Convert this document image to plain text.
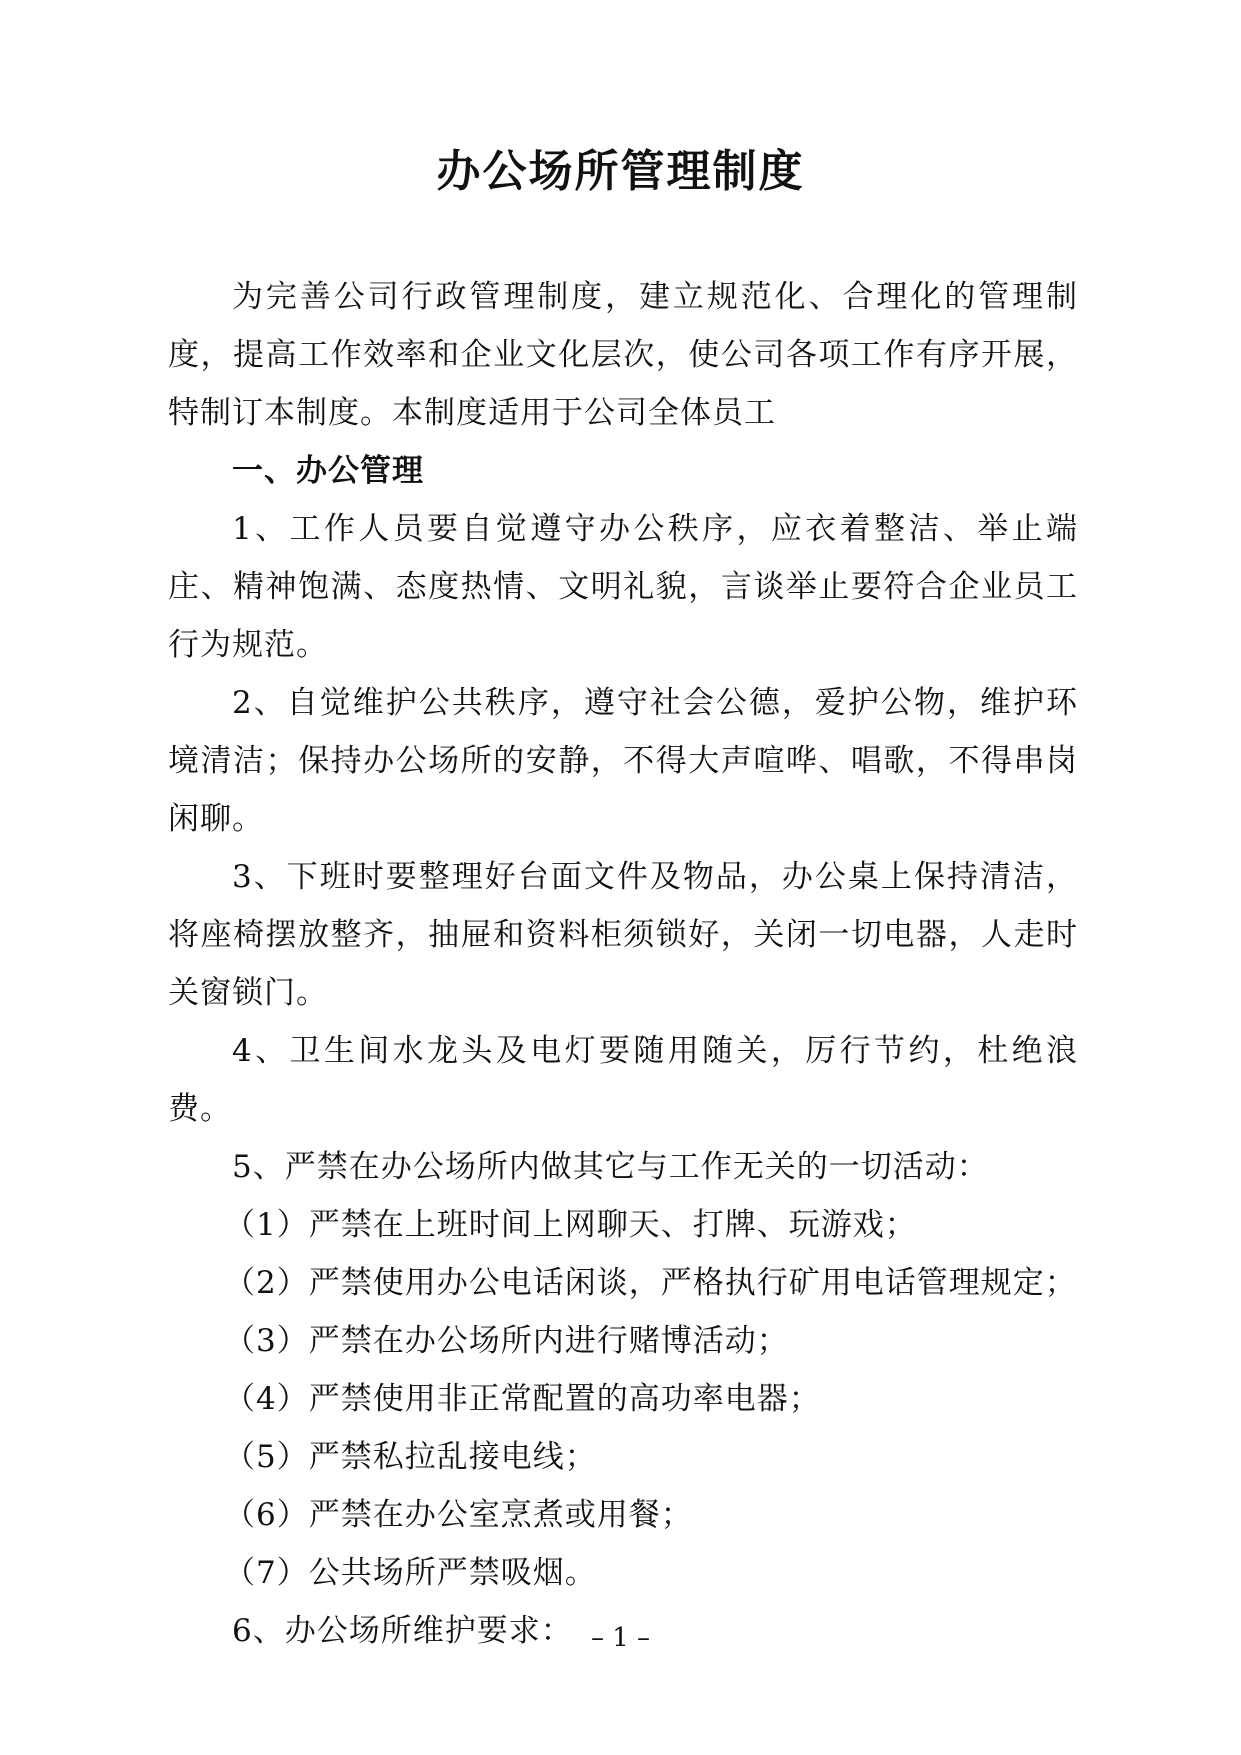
办公场所管理制度

为完善公司行政管理制度，建立规范化、合理化的管理制度，提高工作效率和企业文化层次，使公司各项工作有序开展，特制订本制度。本制度适用于公司全体员工

一、办公管理

1、工作人员要自觉遵守办公秩序，应衣着整洁、举止端庄、精神饱满、态度热情、文明礼貌，言谈举止要符合企业员工行为规范。

2、自觉维护公共秩序，遵守社会公德，爱护公物，维护环境清洁；保持办公场所的安静，不得大声喧哗、唱歌，不得串岗闲聊。

3、下班时要整理好台面文件及物品，办公桌上保持清洁，将座椅摆放整齐，抽屉和资料柜须锁好，关闭一切电器，人走时关窗锁门。

4、卫生间水龙头及电灯要随用随关，厉行节约，杜绝浪费。

5、严禁在办公场所内做其它与工作无关的一切活动：

（1）严禁在上班时间上网聊天、打牌、玩游戏；

（2）严禁使用办公电话闲谈，严格执行矿用电话管理规定；

（3）严禁在办公场所内进行赌博活动；

（4）严禁使用非正常配置的高功率电器；

（5）严禁私拉乱接电线；

（6）严禁在办公室烹煮或用餐；

（7）公共场所严禁吸烟。

6、办公场所维护要求： – 1 –
